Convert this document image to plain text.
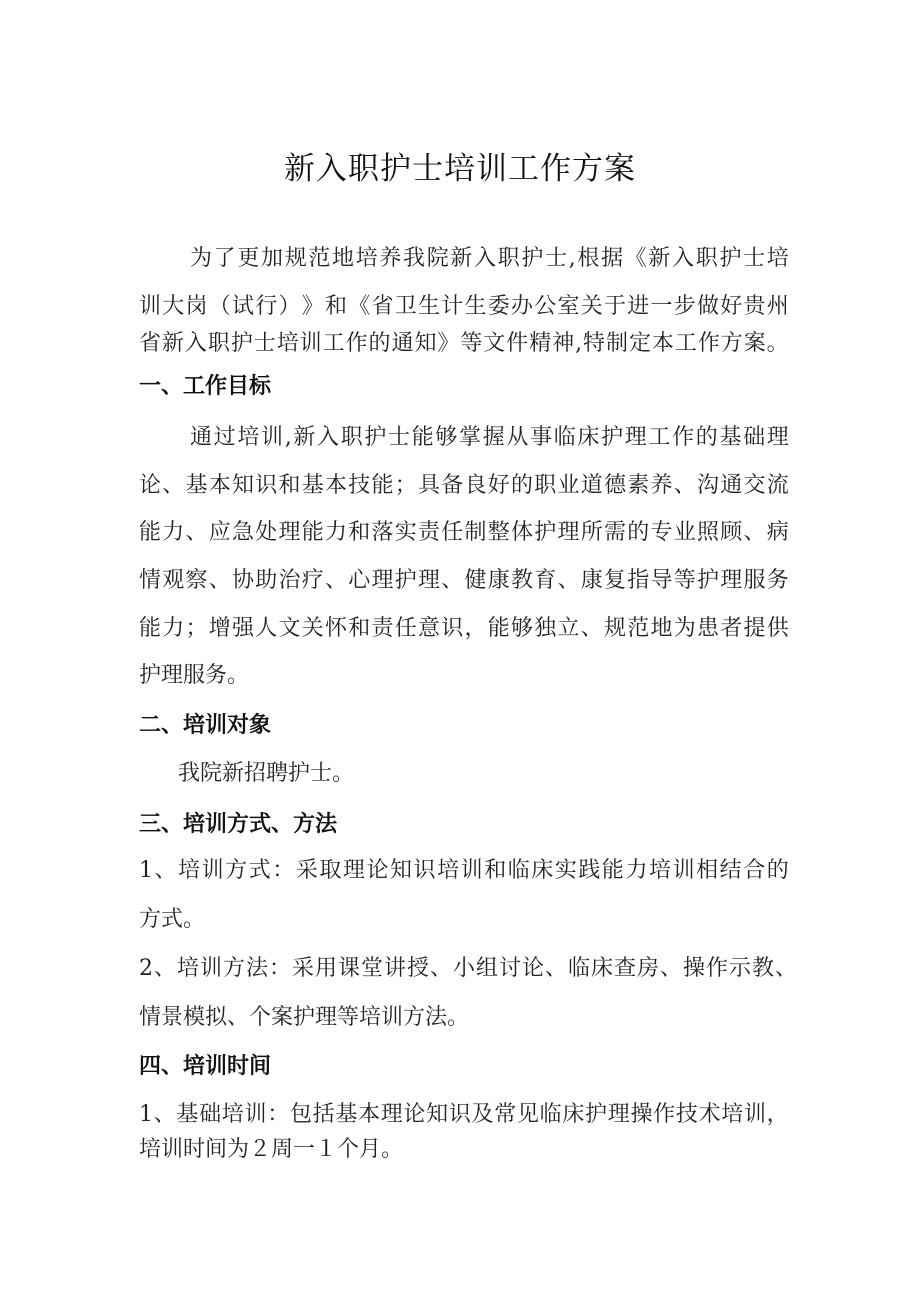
新入职护士培训工作方案
为 了 更 加 规 范 地 培 养 我 院 新 入 职 护 士 , 根 据 《 新 入 职 护 士 培
训 大 岗 （ 试 行 ） 》 和 《 省 卫 生 计 生 委 办 公 室 关 于 进 一 步 做 好 贵 州
省 新 入 职 护 士 培 训 工 作 的 通 知 》 等 文 件 精 神 , 特 制 定 本 工 作 方 案 。
一、工作目标
通 过 培 训 , 新 入 职 护 士 能 够 掌 握 从 事 临 床 护 理 工 作 的 基 础 理
论 、 基 本 知 识 和 基 本 技 能 ； 具 备 良 好 的 职 业 道 德 素 养 、 沟 通 交 流
能 力 、 应 急 处 理 能 力 和 落 实 责 任 制 整 体 护 理 所 需 的 专 业 照 顾 、 病
情 观 察 、 协 助 治 疗 、 心 理 护 理 、 健 康 教 育 、 康 复 指 导 等 护 理 服 务
能 力 ； 增 强 人 文 关 怀 和 责 任 意 识 ， 能 够 独 立 、 规 范 地 为 患 者 提 供
护理服务。
二、培训对象
我院新招聘护士。
三、培训方式、方法
1 、 培 训 方 式 ： 采 取 理 论 知 识 培 训 和 临 床 实 践 能 力 培 训 相 结 合 的
方式。
2 、 培 训 方 法 ： 采 用 课 堂 讲 授 、 小 组 讨 论 、 临 床 查 房 、 操 作 示 教 、
情景模拟、个案护理等培训方法。
四、培训时间
1 、 基 础 培 训 ： 包 括 基 本 理 论 知 识 及 常 见 临 床 护 理 操 作 技 术 培 训 ，
培训时间为２周一１个月。
